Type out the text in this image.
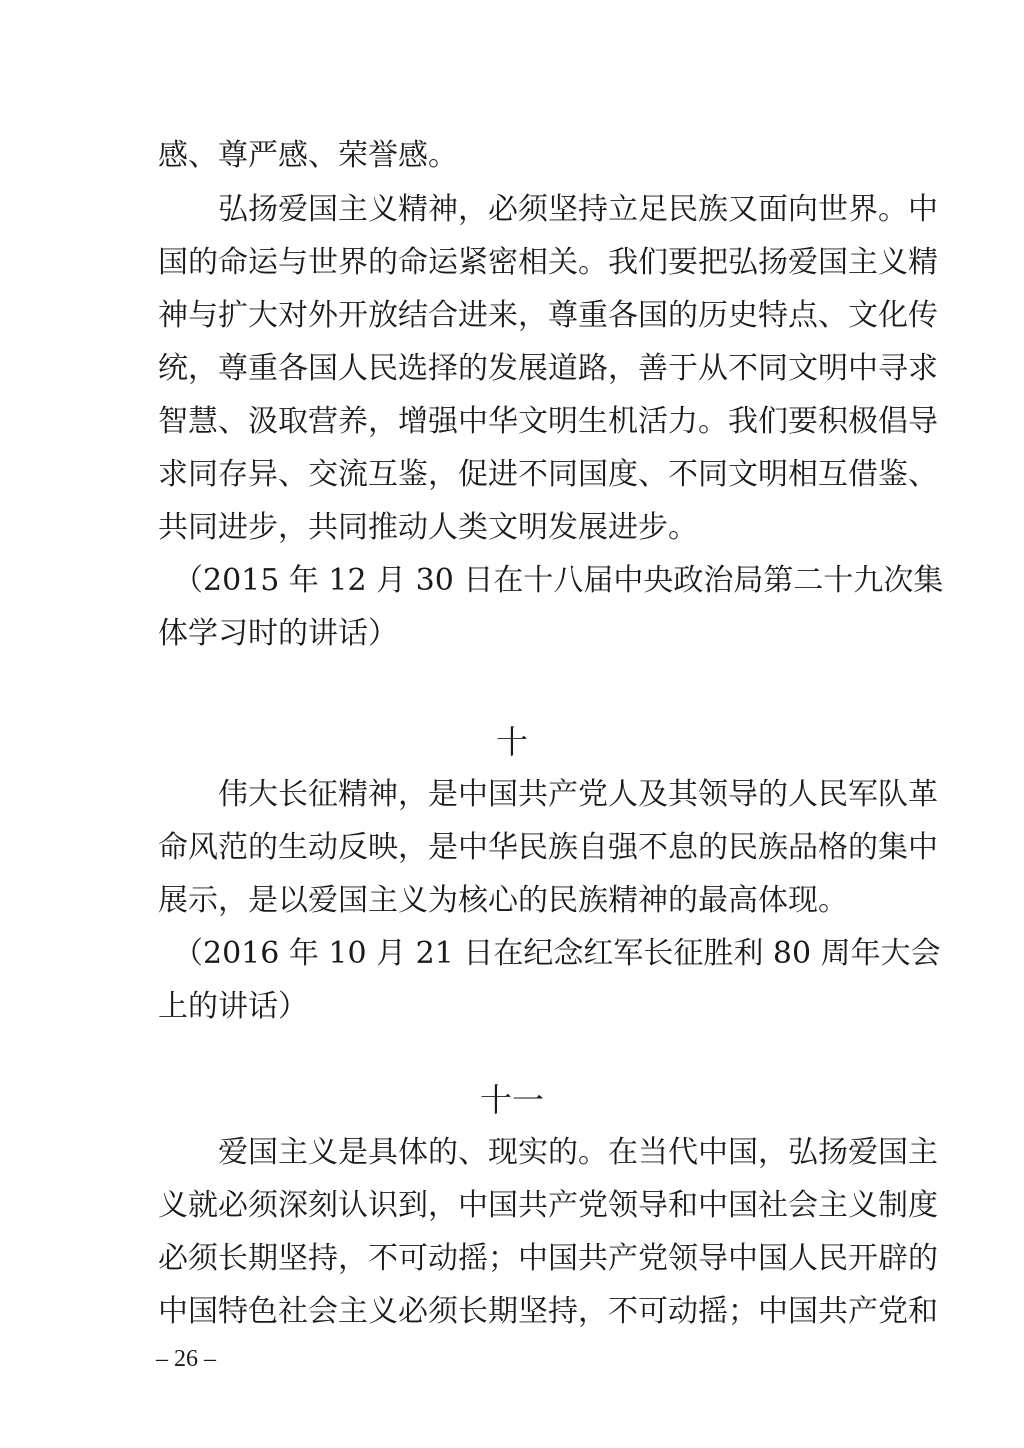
感、尊严感、荣誉感。
　　弘扬爱国主义精神，必须坚持立足民族又面向世界。中
国的命运与世界的命运紧密相关。我们要把弘扬爱国主义精
神与扩大对外开放结合进来，尊重各国的历史特点、文化传
统，尊重各国人民选择的发展道路，善于从不同文明中寻求
智慧、汲取营养，增强中华文明生机活力。我们要积极倡导
求同存异、交流互鉴，促进不同国度、不同文明相互借鉴、
共同进步，共同推动人类文明发展进步。
　（2015 年 12 月 30 日在十八届中央政治局第二十九次集
体学习时的讲话）
十
　　伟大长征精神，是中国共产党人及其领导的人民军队革
命风范的生动反映，是中华民族自强不息的民族品格的集中
展示，是以爱国主义为核心的民族精神的最高体现。
　（2016 年 10 月 21 日在纪念红军长征胜利 80 周年大会
上的讲话）
十一
　　爱国主义是具体的、现实的。在当代中国，弘扬爱国主
义就必须深刻认识到，中国共产党领导和中国社会主义制度
必须长期坚持，不可动摇；中国共产党领导中国人民开辟的
中国特色社会主义必须长期坚持，不可动摇；中国共产党和
– 26 –
